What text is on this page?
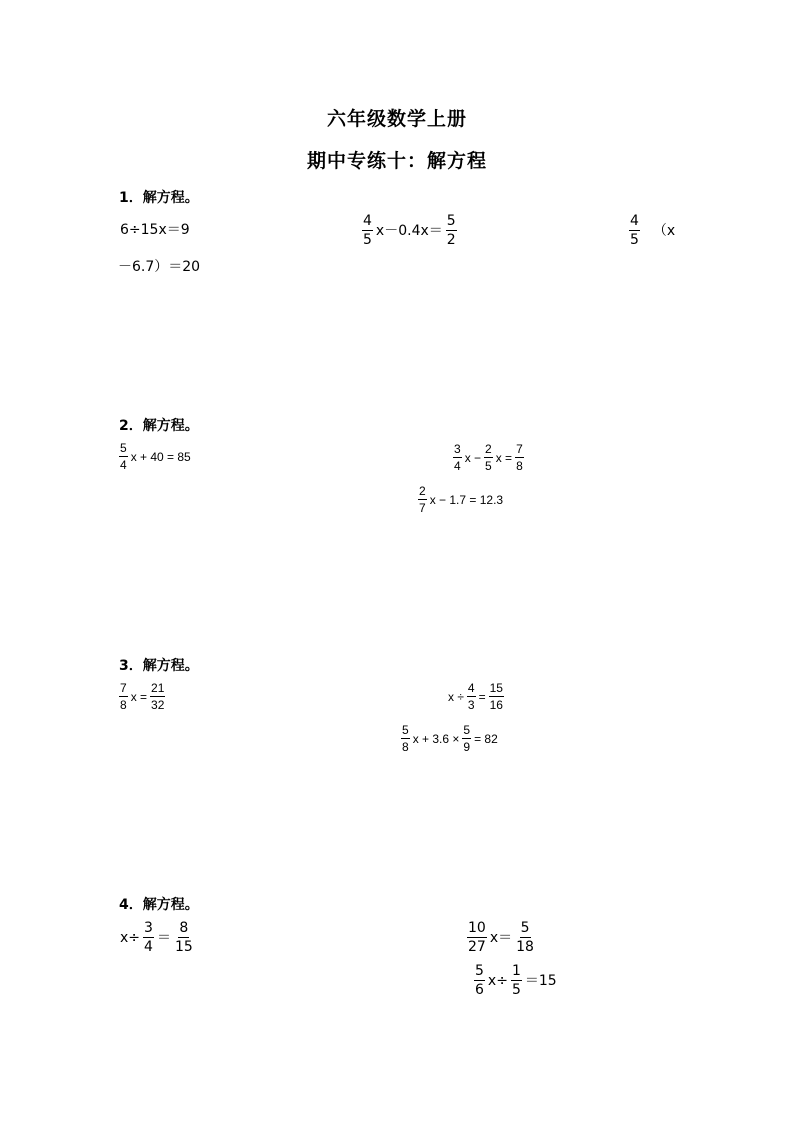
六年级数学上册
期中专练十：解方程
1．解方程。
6÷15x＝9	$\frac{4}{5} x-0.4x= \frac{5}{2}$	$\frac{4}{5} (x$
－6.7）＝20
2．解方程。
$\frac{5}{4}$ x + 40 = 85	$\frac{3}{4}$ $x - \frac{2}{5}$ $x = \frac{7}{8}$
$\frac{2}{7}$ x − 1.7 = 12.3
3．解方程。
$\frac{7}{8}$ $x = \frac{21}{32}$	$x \div \frac{4}{3} = \frac{15}{16}$
$\frac{5}{8}$ $x + 3.6 \times \frac{5}{9} = 82$
4．解方程。
$x\div \frac{3}{4} = \frac{8}{15}$	$\frac{10}{27} x= \frac{5}{18}$
$\frac{5}{6} x\div \frac{1}{5} =15$
